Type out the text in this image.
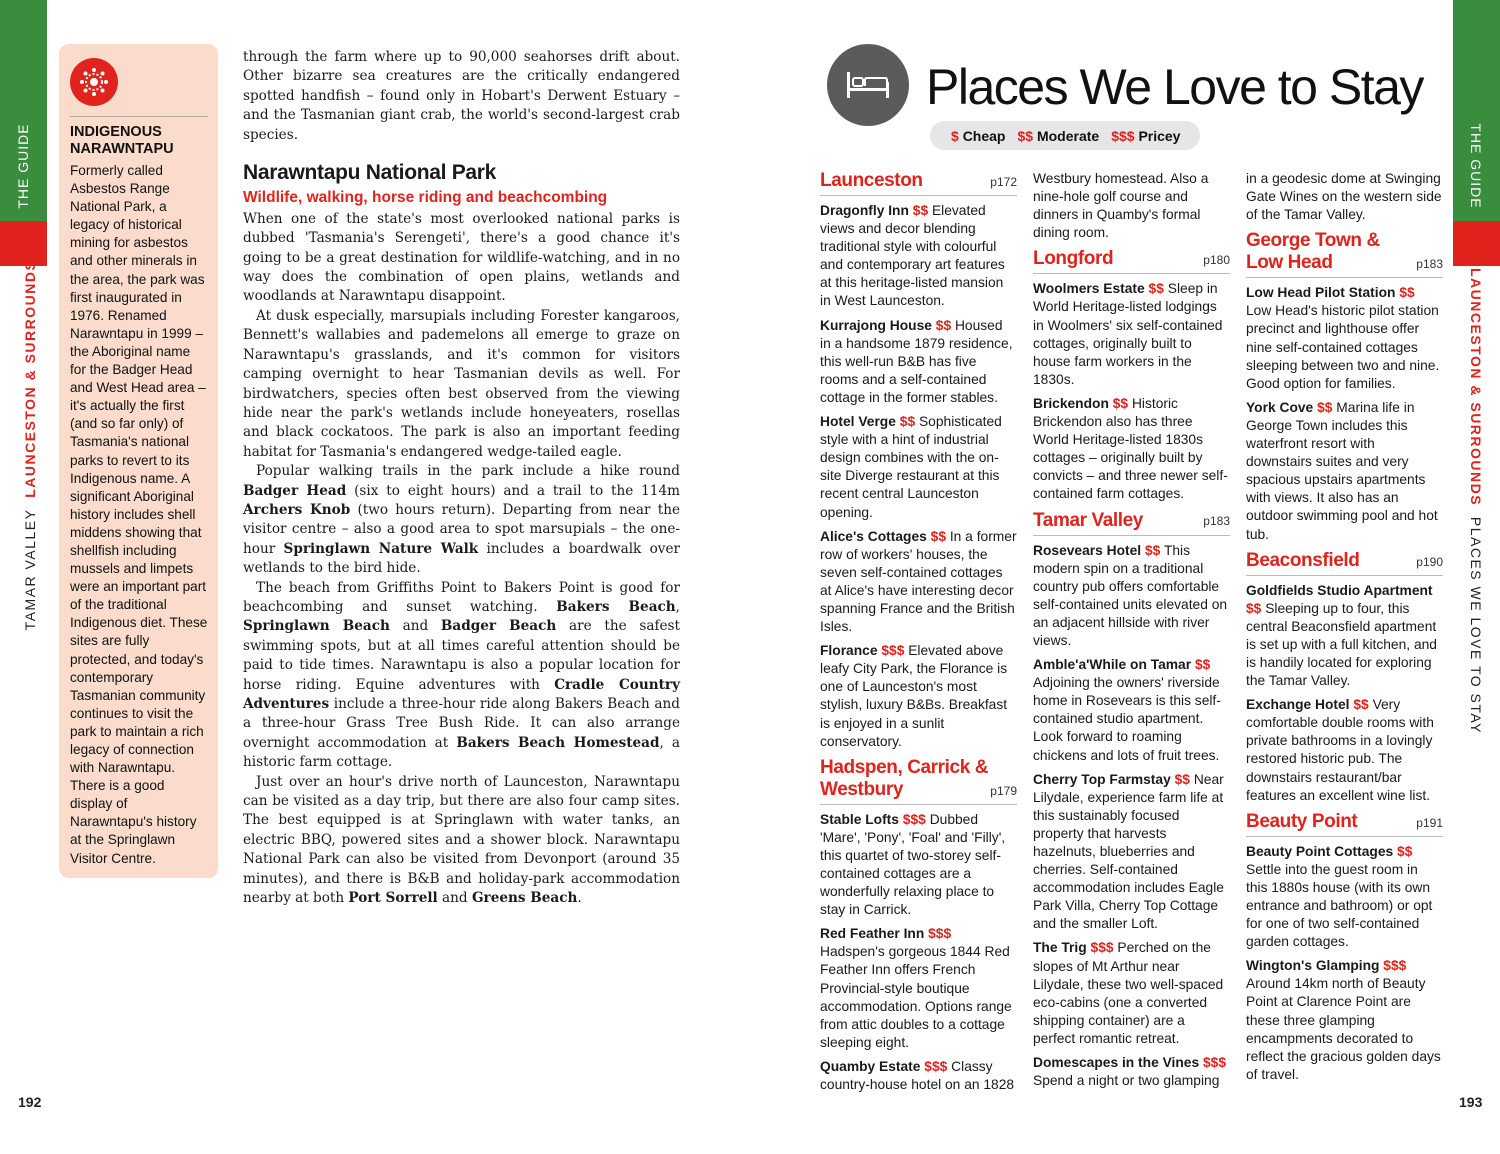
THE GUIDE
TAMAR VALLEY  LAUNCESTON & SURROUNDS
192
INDIGENOUS NARAWNTAPU
Formerly called Asbestos Range National Park, a legacy of historical mining for asbestos and other minerals in the area, the park was first inaugurated in 1976. Renamed Narawntapu in 1999 – the Aboriginal name for the Badger Head and West Head area – it's actually the first (and so far only) of Tasmania's national parks to revert to its Indigenous name. A significant Aboriginal history includes shell middens showing that shellfish including mussels and limpets were an important part of the traditional Indigenous diet. These sites are fully protected, and today's contemporary Tasmanian community continues to visit the park to maintain a rich legacy of connection with Narawntapu. There is a good display of Narawntapu's history at the Springlawn Visitor Centre.

through the farm where up to 90,000 seahorses drift about. Other bizarre sea creatures are the critically endangered spotted handfish – found only in Hobart's Derwent Estuary – and the Tasmanian giant crab, the world's second-largest crab species.

Narawntapu National Park
Wildlife, walking, horse riding and beachcombing

When one of the state's most overlooked national parks is dubbed 'Tasmania's Serengeti', there's a good chance it's going to be a great destination for wildlife-watching, and in no way does the combination of open plains, wetlands and woodlands at Narawntapu disappoint.

At dusk especially, marsupials including Forester kangaroos, Bennett's wallabies and pademelons all emerge to graze on Narawntapu's grasslands, and it's common for visitors camping overnight to hear Tasmanian devils as well. For birdwatchers, species often best observed from the viewing hide near the park's wetlands include honeyeaters, rosellas and black cockatoos. The park is also an important feeding habitat for Tasmania's endangered wedge-tailed eagle.

Popular walking trails in the park include a hike round Badger Head (six to eight hours) and a trail to the 114m Archers Knob (two hours return). Departing from near the visitor centre – also a good area to spot marsupials – the one-hour Springlawn Nature Walk includes a boardwalk over wetlands to the bird hide.

The beach from Griffiths Point to Bakers Point is good for beachcombing and sunset watching. Bakers Beach, Springlawn Beach and Badger Beach are the safest swimming spots, but at all times careful attention should be paid to tide times. Narawntapu is also a popular location for horse riding. Equine adventures with Cradle Country Adventures include a three-hour ride along Bakers Beach and a three-hour Grass Tree Bush Ride. It can also arrange overnight accommodation at Bakers Beach Homestead, a historic farm cottage.

Just over an hour's drive north of Launceston, Narawntapu can be visited as a day trip, but there are also four camp sites. The best equipped is at Springlawn with water tanks, an electric BBQ, powered sites and a shower block. Narawntapu National Park can also be visited from Devonport (around 35 minutes), and there is B&B and holiday-park accommodation nearby at both Port Sorrell and Greens Beach.

Places We Love to Stay
$ Cheap $$ Moderate $$$ Pricey
Launceston	p172
Dragonfly Inn $$ Elevated views and decor blending traditional style with colourful and contemporary art features at this heritage-listed mansion in West Launceston.
Kurrajong House $$ Housed in a handsome 1879 residence, this well-run B&B has five rooms and a self-contained cottage in the former stables.
Hotel Verge $$ Sophisticated style with a hint of industrial design combines with the on-site Diverge restaurant at this recent central Launceston opening.
Alice's Cottages $$ In a former row of workers' houses, the seven self-contained cottages at Alice's have interesting decor spanning France and the British Isles.
Florance $$$ Elevated above leafy City Park, the Florance is one of Launceston's most stylish, luxury B&Bs. Breakfast is enjoyed in a sunlit conservatory.
Hadspen, Carrick & Westbury	p179
Stable Lofts $$$ Dubbed 'Mare', 'Pony', 'Foal' and 'Filly', this quartet of two-storey self-contained cottages are a wonderfully relaxing place to stay in Carrick.
Red Feather Inn $$$ Hadspen's gorgeous 1844 Red Feather Inn offers French Provincial-style boutique accommodation. Options range from attic doubles to a cottage sleeping eight.
Quamby Estate $$$ Classy country-house hotel on an 1828
Westbury homestead. Also a nine-hole golf course and dinners in Quamby's formal dining room.
Longford	p180
Woolmers Estate $$ Sleep in World Heritage-listed lodgings in Woolmers' six self-contained cottages, originally built to house farm workers in the 1830s.
Brickendon $$ Historic Brickendon also has three World Heritage-listed 1830s cottages – originally built by convicts – and three newer self-contained farm cottages.
Tamar Valley	p183
Rosevears Hotel $$ This modern spin on a traditional country pub offers comfortable self-contained units elevated on an adjacent hillside with river views.
Amble'a'While on Tamar $$ Adjoining the owners' riverside home in Rosevears is this self-contained studio apartment. Look forward to roaming chickens and lots of fruit trees.
Cherry Top Farmstay $$ Near Lilydale, experience farm life at this sustainably focused property that harvests hazelnuts, blueberries and cherries. Self-contained accommodation includes Eagle Park Villa, Cherry Top Cottage and the smaller Loft.
The Trig $$$ Perched on the slopes of Mt Arthur near Lilydale, these two well-spaced eco-cabins (one a converted shipping container) are a perfect romantic retreat.
Domescapes in the Vines $$$ Spend a night or two glamping
in a geodesic dome at Swinging Gate Wines on the western side of the Tamar Valley.
George Town & Low Head	p183
Low Head Pilot Station $$ Low Head's historic pilot station precinct and lighthouse offer nine self-contained cottages sleeping between two and nine. Good option for families.
York Cove $$ Marina life in George Town includes this waterfront resort with downstairs suites and very spacious upstairs apartments with views. It also has an outdoor swimming pool and hot tub.
Beaconsfield	p190
Goldfields Studio Apartment $$ Sleeping up to four, this central Beaconsfield apartment is set up with a full kitchen, and is handily located for exploring the Tamar Valley.
Exchange Hotel $$ Very comfortable double rooms with private bathrooms in a lovingly restored historic pub. The downstairs restaurant/bar features an excellent wine list.
Beauty Point	p191
Beauty Point Cottages $$ Settle into the guest room in this 1880s house (with its own entrance and bathroom) or opt for one of two self-contained garden cottages.
Wington's Glamping $$$ Around 14km north of Beauty Point at Clarence Point are these three glamping encampments decorated to reflect the gracious golden days of travel.
THE GUIDE
LAUNCESTON & SURROUNDS  PLACES WE LOVE TO STAY
193
